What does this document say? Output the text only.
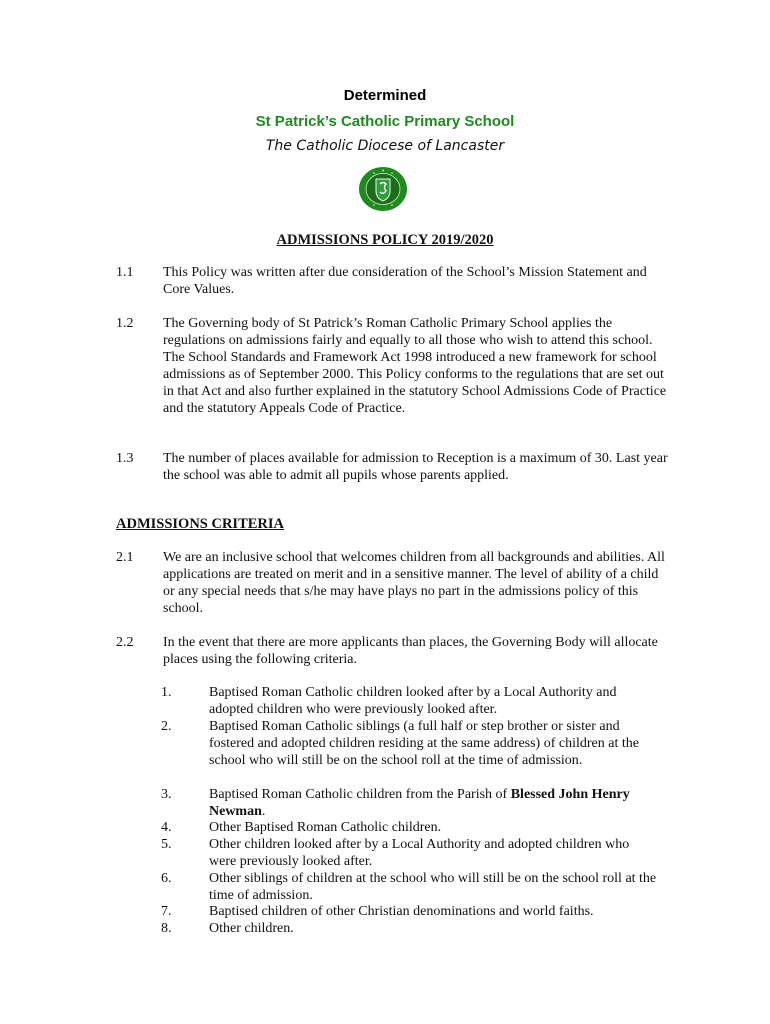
Determined
St Patrick’s Catholic Primary School
The Catholic Diocese of Lancaster
ADMISSIONS POLICY 2019/2020
1.1 This Policy was written after due consideration of the School’s Mission Statement and Core Values.
1.2 The Governing body of St Patrick’s Roman Catholic Primary School applies the regulations on admissions fairly and equally to all those who wish to attend this school. The School Standards and Framework Act 1998 introduced a new framework for school admissions as of September 2000. This Policy conforms to the regulations that are set out in that Act and also further explained in the statutory School Admissions Code of Practice and the statutory Appeals Code of Practice.
1.3 The number of places available for admission to Reception is a maximum of 30. Last year the school was able to admit all pupils whose parents applied.
ADMISSIONS CRITERIA
2.1 We are an inclusive school that welcomes children from all backgrounds and abilities. All applications are treated on merit and in a sensitive manner. The level of ability of a child or any special needs that s/he may have plays no part in the admissions policy of this school.
2.2 In the event that there are more applicants than places, the Governing Body will allocate places using the following criteria.
1.	Baptised Roman Catholic children looked after by a Local Authority and adopted children who were previously looked after.
2.	Baptised Roman Catholic siblings (a full half or step brother or sister and fostered and adopted children residing at the same address) of children at the school who will still be on the school roll at the time of admission.
3.	Baptised Roman Catholic children from the Parish of Blessed John Henry Newman.
4.	Other Baptised Roman Catholic children.
5.	Other children looked after by a Local Authority and adopted children who were previously looked after.
6.	Other siblings of children at the school who will still be on the school roll at the time of admission.
7.	Baptised children of other Christian denominations and world faiths.
8.	Other children.
